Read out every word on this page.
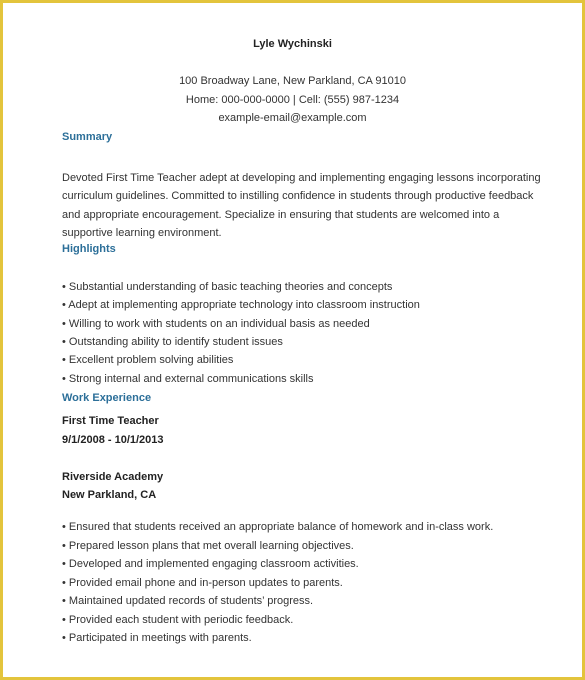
Lyle Wychinski
100 Broadway Lane, New Parkland, CA 91010
Home: 000-000-0000 | Cell: (555) 987-1234
example-email@example.com
Summary
Devoted First Time Teacher adept at developing and implementing engaging lessons incorporating
curriculum guidelines. Committed to instilling confidence in students through productive feedback
and appropriate encouragement. Specialize in ensuring that students are welcomed into a
supportive learning environment.
Highlights
• Substantial understanding of basic teaching theories and concepts
• Adept at implementing appropriate technology into classroom instruction
• Willing to work with students on an individual basis as needed
• Outstanding ability to identify student issues
• Excellent problem solving abilities
• Strong internal and external communications skills
Work Experience
First Time Teacher
9/1/2008 - 10/1/2013
Riverside Academy
New Parkland, CA
• Ensured that students received an appropriate balance of homework and in-class work.
• Prepared lesson plans that met overall learning objectives.
• Developed and implemented engaging classroom activities.
• Provided email phone and in-person updates to parents.
• Maintained updated records of students’ progress.
• Provided each student with periodic feedback.
• Participated in meetings with parents.
